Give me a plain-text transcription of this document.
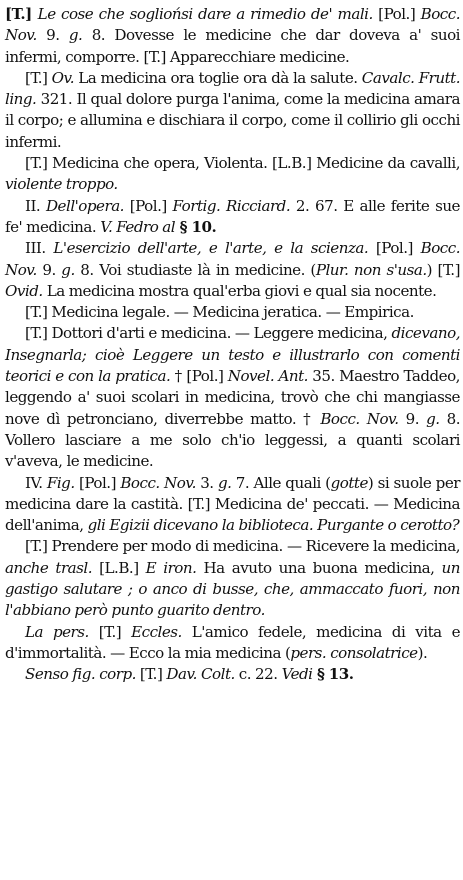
[T.] Le cose che sogliońsi dare a rimedio de' mali. [Pol.] Bocc. Nov. 9. g. 8. Dovesse le medicine che dar doveva a' suoi infermi, comporre. [T.] Apparecchiare medicine.

[T.] Ov. La medicina ora toglie ora dà la salute. Cavalc. Frutt. ling. 321. Il qual dolore purga l'anima, come la medicina amara il corpo; e allumina e dischiara il corpo, come il collirio gli occhi infermi.

[T.] Medicina che opera, Violenta. [L.B.] Medicine da cavalli, violente troppo.

II. Dell'opera. [Pol.] Fortig. Ricciard. 2. 67. E alle ferite sue fe' medicina. V. Fedro al § 10.

III. L'esercizio dell'arte, e l'arte, e la scienza. [Pol.] Bocc. Nov. 9. g. 8. Voi studiaste là in medicine. (Plur. non s'usa.) [T.] Ovid. La medicina mostra qual'erba giovi e qual sia nocente.

[T.] Medicina legale. — Medicina jeratica. — Empirica.

[T.] Dottori d'arti e medicina. — Leggere medicina, dicevano, Insegnarla; cioè Leggere un testo e illustrarlo con comenti teorici e con la pratica. † [Pol.] Novel. Ant. 35. Maestro Taddeo, leggendo a' suoi scolari in medicina, trovò che chi mangiasse nove dì petronciano, diverrebbe matto. † Bocc. Nov. 9. g. 8. Vollero lasciare a me solo ch'io leggessi, a quanti scolari v'aveva, le medicine.

IV. Fig. [Pol.] Bocc. Nov. 3. g. 7. Alle quali (gotte) si suole per medicina dare la castità. [T.] Medicina de' peccati. — Medicina dell'anima, gli Egizii dicevano la biblioteca. Purgante o cerotto?

[T.] Prendere per modo di medicina. — Ricevere la medicina, anche trasl. [L.B.] E iron. Ha avuto una buona medicina, un gastigo salutare ; o anco di busse, che, ammaccato fuori, non l'abbiano però punto guarito dentro.

La pers. [T.] Eccles. L'amico fedele, medicina di vita e d'immortalità. — Ecco la mia medicina (pers. consolatrice).

Senso fig. corp. [T.] Dav. Colt. c. 22. Vedi § 13.
